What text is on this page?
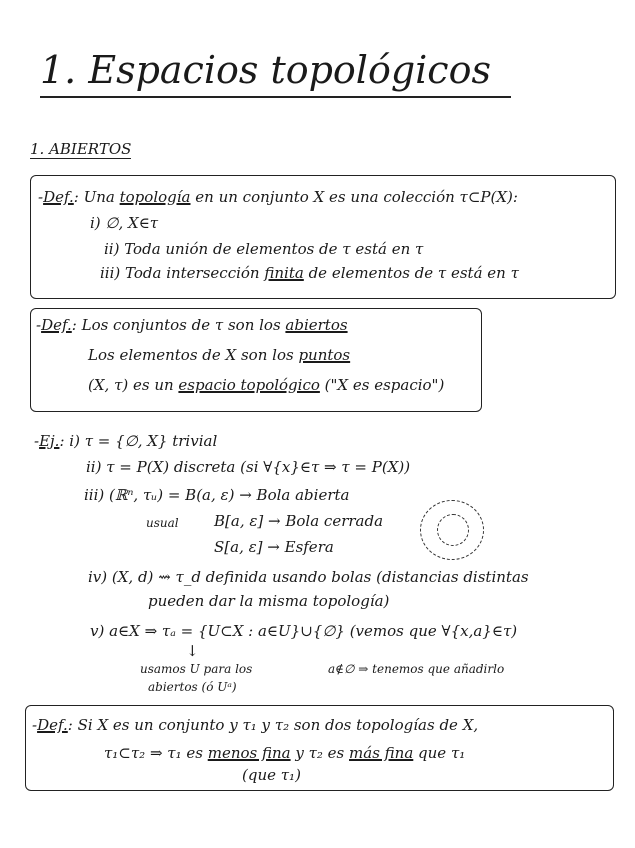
1. Espacios topológicos
1. ABIERTOS
-Def.: Una topología en un conjunto X es una colección τ⊂P(X):
i) ∅, X∈τ
ii) Toda unión de elementos de τ está en τ
iii) Toda intersección finita de elementos de τ está en τ
-Def.: Los conjuntos de τ son los abiertos
Los elementos de X son los puntos
(X, τ) es un espacio topológico ("X es espacio")
-Ej.: i) τ = {∅, X} trivial
ii) τ = P(X) discreta (si ∀{x}∈τ ⇒ τ = P(X))
iii) (ℝⁿ, τᵤ) = B(a, ε) → Bola abierta
usual B[a, ε] → Bola cerrada
S[a, ε] → Esfera
iv) (X, d) ⇝ τ_d definida usando bolas (distancias distintas
pueden dar la misma topología)
v) a∈X ⇒ τₐ = {U⊂X : a∈U}∪{∅} (vemos que ∀{x,a}∈τ)
↓
usamos U para los
abiertos (ó Uᵃ)
a∉∅ ⇒ tenemos que añadirlo
-Def.: Si X es un conjunto y τ₁ y τ₂ son dos topologías de X,
τ₁⊂τ₂ ⇒ τ₁ es menos fina y τ₂ es más fina que τ₁
(que τ₁)
